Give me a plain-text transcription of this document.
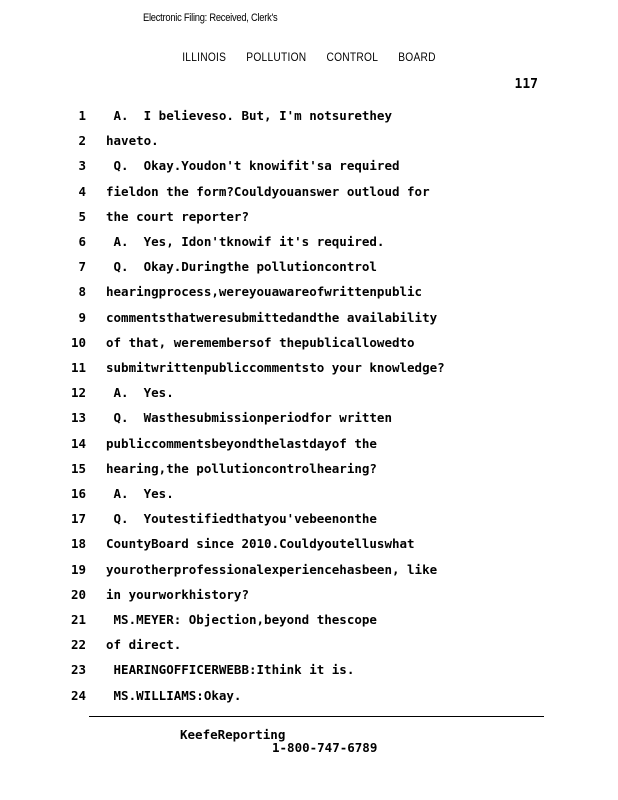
Electronic Filing: Received, Clerk's
ILLINOIS POLLUTION CONTROL BOARD
117
1 A.  I believeso. But, I'm notsurethey
2 haveto.
3 Q.  Okay.Youdon't knowifit'sa required
4 fieldon the form?Couldyouanswer outloud for
5 the court reporter?
6 A.  Yes, Idon'tknowif it's required.
7 Q.  Okay.Duringthe pollutioncontrol
8 hearingprocess,wereyouawareofwrittenpublic
9 commentsthatweresubmittedandthe availability
10 of that, weremembersof thepublicallowedto
11 submitwrittenpubliccommentsto your knowledge?
12 A.  Yes.
13 Q.  Wasthesubmissionperiodfor written
14 publiccommentsbeyondthelastdayof the
15 hearing,the pollutioncontrolhearing?
16 A.  Yes.
17 Q.  Youtestifiedthatyou'vebeenonthe
18 CountyBoard since 2010.Couldyoutelluswhat
19 yourotherprofessionalexperiencehasbeen, like
20 in yourworkhistory?
21 MS.MEYER: Objection,beyond thescope
22 of direct.
23 HEARINGOFFICERWEBB:Ithink it is.
24 MS.WILLIAMS:Okay.
KeefeReporting
1-800-747-6789
